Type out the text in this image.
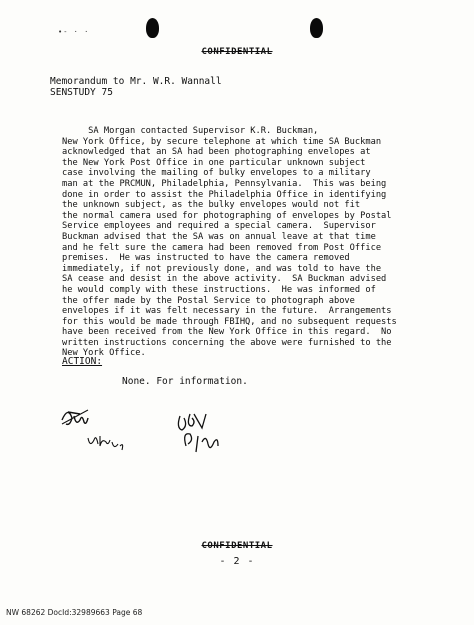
•- · ·
CONFIDENTIAL
Memorandum to Mr. W.R. Wannall
SENSTUDY 75
SA Morgan contacted Supervisor K.R. Buckman,
New York Office, by secure telephone at which time SA Buckman
acknowledged that an SA had been photographing envelopes at
the New York Post Office in one particular unknown subject
case involving the mailing of bulky envelopes to a military
man at the PRCMUN, Philadelphia, Pennsylvania.  This was being
done in order to assist the Philadelphia Office in identifying
the unknown subject, as the bulky envelopes would not fit
the normal camera used for photographing of envelopes by Postal
Service employees and required a special camera.  Supervisor
Buckman advised that the SA was on annual leave at that time
and he felt sure the camera had been removed from Post Office
premises.  He was instructed to have the camera removed
immediately, if not previously done, and was told to have the
SA cease and desist in the above activity.  SA Buckman advised
he would comply with these instructions.  He was informed of
the offer made by the Postal Service to photograph above
envelopes if it was felt necessary in the future.  Arrangements
for this would be made through FBIHQ, and no subsequent requests
have been received from the New York Office in this regard.  No
written instructions concerning the above were furnished to the
New York Office.
ACTION:
None. For information.
CONFIDENTIAL
- 2 -
NW 68262 DocId:32989663 Page 68
